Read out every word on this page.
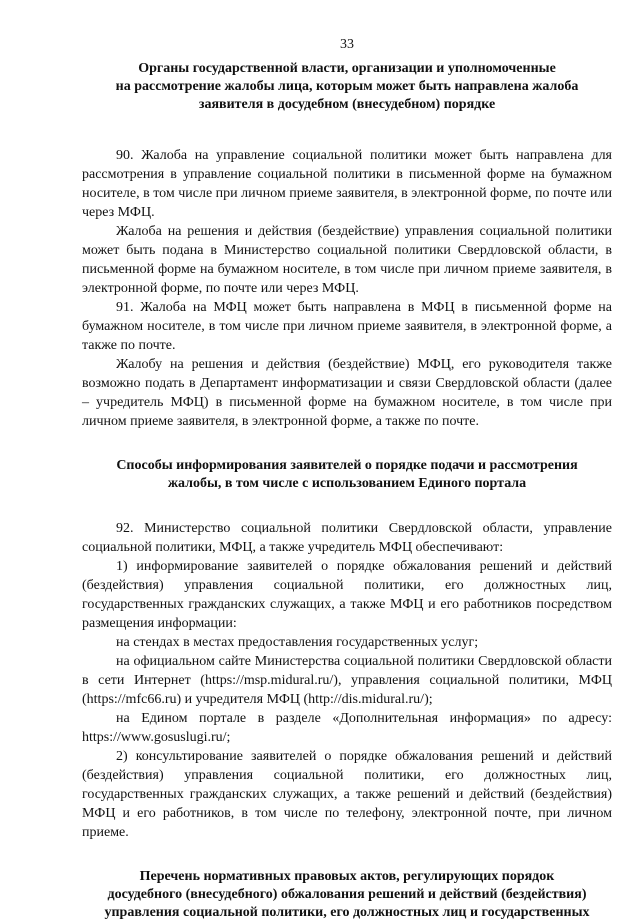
33
Органы государственной власти, организации и уполномоченные
на рассмотрение жалобы лица, которым может быть направлена жалоба
заявителя в досудебном (внесудебном) порядке

90. Жалоба на управление социальной политики может быть направлена для рассмотрения в управление социальной политики в письменной форме на бумажном носителе, в том числе при личном приеме заявителя, в электронной форме, по почте или через МФЦ.

Жалоба на решения и действия (бездействие) управления социальной политики может быть подана в Министерство социальной политики Свердловской области, в письменной форме на бумажном носителе, в том числе при личном приеме заявителя, в электронной форме, по почте или через МФЦ.

91. Жалоба на МФЦ может быть направлена в МФЦ в письменной форме на бумажном носителе, в том числе при личном приеме заявителя, в электронной форме, а также по почте.

Жалобу на решения и действия (бездействие) МФЦ, его руководителя также возможно подать в Департамент информатизации и связи Свердловской области (далее – учредитель МФЦ) в письменной форме на бумажном носителе, в том числе при личном приеме заявителя, в электронной форме, а также по почте.

Способы информирования заявителей о порядке подачи и рассмотрения
жалобы, в том числе с использованием Единого портала

92. Министерство социальной политики Свердловской области, управление социальной политики, МФЦ, а также учредитель МФЦ обеспечивают:

1) информирование заявителей о порядке обжалования решений и действий (бездействия) управления социальной политики, его должностных лиц, государственных гражданских служащих, а также МФЦ и его работников посредством размещения информации:

на стендах в местах предоставления государственных услуг;

на официальном сайте Министерства социальной политики Свердловской области в сети Интернет (https://msp.midural.ru/), управления социальной политики, МФЦ (https://mfc66.ru) и учредителя МФЦ (http://dis.midural.ru/);

на Едином портале в разделе «Дополнительная информация» по адресу: https://www.gosuslugi.ru/;

2) консультирование заявителей о порядке обжалования решений и действий (бездействия) управления социальной политики, его должностных лиц, государственных гражданских служащих, а также решений и действий (бездействия) МФЦ и его работников, в том числе по телефону, электронной почте, при личном приеме.

Перечень нормативных правовых актов, регулирующих порядок
досудебного (внесудебного) обжалования решений и действий (бездействия)
управления социальной политики, его должностных лиц и государственных
